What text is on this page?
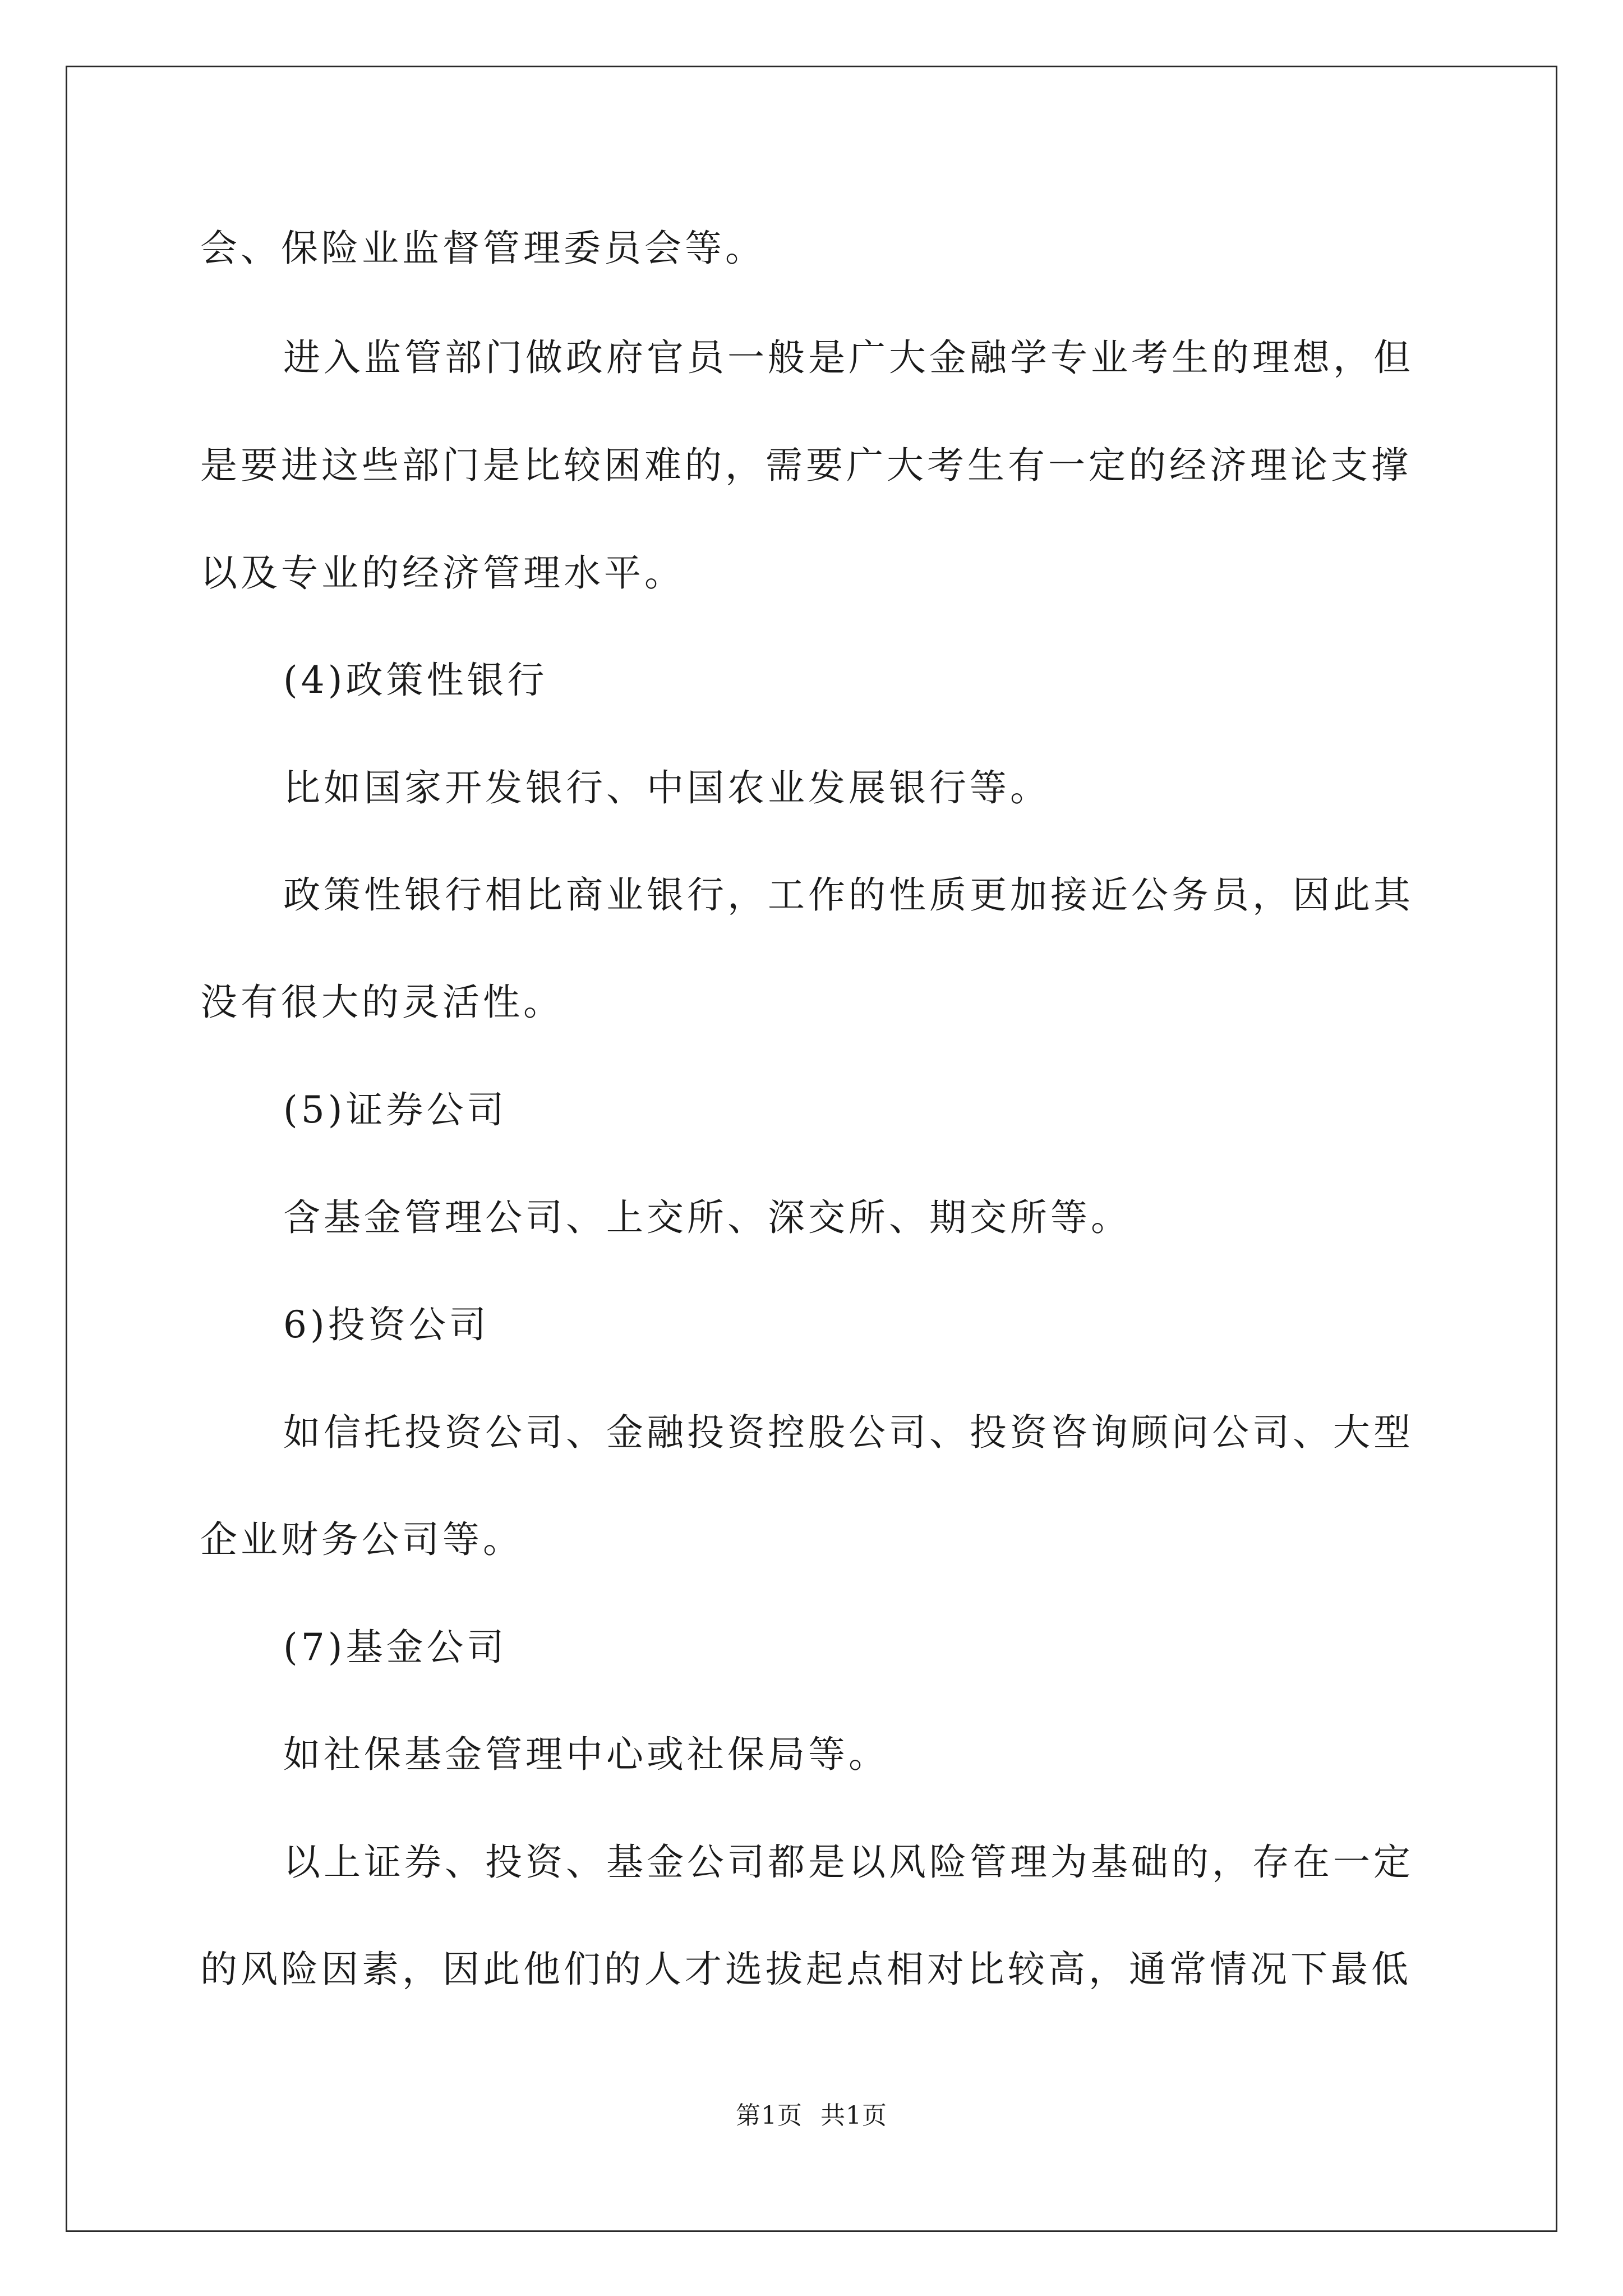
会、保险业监督管理委员会等。
进入监管部门做政府官员一般是广大金融学专业考生的理想，但
是要进这些部门是比较困难的，需要广大考生有一定的经济理论支撑
以及专业的经济管理水平。
(4)政策性银行
比如国家开发银行、中国农业发展银行等。
政策性银行相比商业银行，工作的性质更加接近公务员，因此其
没有很大的灵活性。
(5)证券公司
含基金管理公司、上交所、深交所、期交所等。
6)投资公司
如信托投资公司、金融投资控股公司、投资咨询顾问公司、大型
企业财务公司等。
(7)基金公司
如社保基金管理中心或社保局等。
以上证券、投资、基金公司都是以风险管理为基础的，存在一定
的风险因素，因此他们的人才选拔起点相对比较高，通常情况下最低
第1页 共1页
